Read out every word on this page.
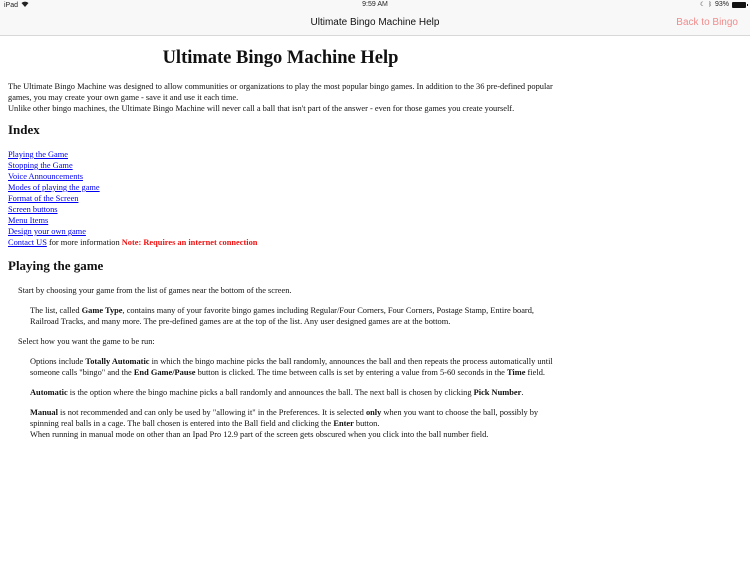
iPad	9:59 AM	☾ ᛒ 93%
Ultimate Bingo Machine Help	Back to Bingo
Ultimate Bingo Machine Help

The Ultimate Bingo Machine was designed to allow communities or organizations to play the most popular bingo games. In addition to the 36 pre-defined popular games, you may create your own game - save it and use it each time.

Unlike other bingo machines, the Ultimate Bingo Machine will never call a ball that isn't part of the answer - even for those games you create yourself.

Index
Playing the Game
Stopping the Game
Voice Announcements
Modes of playing the game
Format of the Screen
Screen buttons
Menu Items
Design your own game
Contact US for more information Note: Requires an internet connection
Playing the game

Start by choosing your game from the list of games near the bottom of the screen.

The list, called Game Type, contains many of your favorite bingo games including Regular/Four Corners, Four Corners, Postage Stamp, Entire board, Railroad Tracks, and many more. The pre-defined games are at the top of the list. Any user designed games are at the bottom.

Select how you want the game to be run:

Options include Totally Automatic in which the bingo machine picks the ball randomly, announces the ball and then repeats the process automatically until someone calls "bingo" and the End Game/Pause button is clicked. The time between calls is set by entering a value from 5-60 seconds in the Time field.

Automatic is the option where the bingo machine picks a ball randomly and announces the ball. The next ball is chosen by clicking Pick Number.

Manual is not recommended and can only be used by "allowing it" in the Preferences. It is selected only when you want to choose the ball, possibly by spinning real balls in a cage. The ball chosen is entered into the Ball field and clicking the Enter button.
When running in manual mode on other than an Ipad Pro 12.9 part of the screen gets obscured when you click into the ball number field.
